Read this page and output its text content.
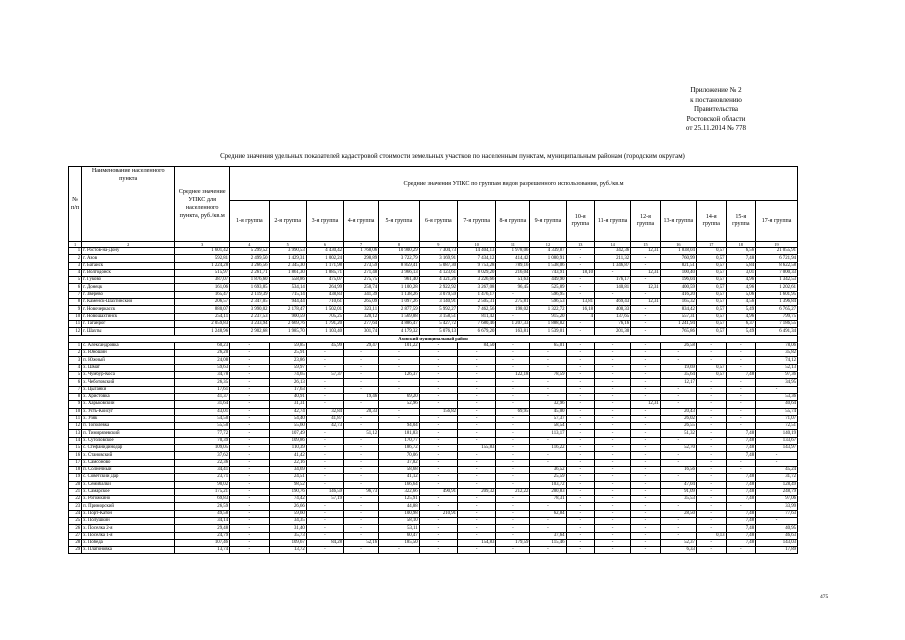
Приложение № 2
к постановлению
Правительства
Ростовской области
от 25.11.2014 № 778
Средние значения удельных показателей кадастровой стоимости земельных участков по населенным пунктам, муниципальным районам (городским округам)
№ п/п	Наименование населенного пункта	Среднее значение УПКС для населенного пункта, руб./кв.м	Средние значения УПКС по группам видов разрешенного использования, руб./кв.м															
			1-я группа	2-я группа	3-я группа	4-я группа	5-я группа	6-я группа	7-я группа	8-я группа	9-я группа	10-я группа	11-я группа	12-я группа	13-я группа	14-я группа	15-я группа	17-я группа
1	2	3	4	5	6	7	8	9	10	11	12	13	14	15	16	17	18	19
1	г. Ростов-на-Дону	1 601,42	5 299,52	3 990,53	4 430,42	1 768,06	10 900,29	7 304,73	14 404,13	1 978,06	4 339,87	-	342,36	12,31	1 838,04	0,57	6,56	21 055,91
2	г. Азов	592,81	2 499,50	1 429,31	1 002,24	298,89	3 722,79	3 169,91	7 434,12	414,42	1 080,91	-	211,32	-	760,99	0,57	7,48	6 721,94
3	г. Батайск	1 224,28	3 266,56	2 345,30	1 171,98	273,59	8 859,41	5 087,30	9 753,28	789,16	1 538,06	-	1 346,87	-	821,51	0,57	5,84	8 622,58
4	г. Волгодонск	515,97	2 261,71	1 861,30	1 885,71	271,48	3 966,13	4 123,61	8 029,20	216,04	743,91	18,10	-	12,31	100,40	0,57	3,01	7 000,33
5	г. Гуково	387,07	1 876,60	558,86	475,07	275,75	961,40	4 321,26	3 226,66	51,63	449,90	-	176,17	-	196,04	0,57	4,96	1 342,53
6	г. Донецк	161,06	1 693,85	534,14	264,99	250,74	1 100,28	2 922,92	3 267,08	96,45	525,89	-	140,81	12,31	400,59	0,57	4,96	1 202,61
7	г. Зверево	165,47	2 119,39	715,14	438,83	341,39	1 138,26	3 079,59	1 476,17	-	596,95	-	-	-	416,20	0,57	5,06	1 601,95
8	г. Каменск-Шахтинский	206,57	2 347,05	944,44	710,61	265,09	1 097,26	3 140,91	2 505,31	275,81	596,53	13,81	469,43	12,31	165,32	0,57	4,56	1 396,84
9	г. Новочеркасск	880,07	3 990,02	2 178,47	1 502,01	323,11	2 877,59	5 992,27	7 462,56	198,02	1 322,72	16,18	400,33	-	834,42	0,57	5,49	6 765,27
10	г. Новошахтинск	254,11	2 237,53	900,59	705,25	320,12	1 569,88	3 158,51	811,42	-	915,20	4	137,65	-	557,31	0,57	4,96	799,75
11	г. Таганрог	2 059,83	3 233,94	2 669,76	1 791,20	277,64	4 886,47	5 427,72	7 680,46	1 207,33	1 888,82	-	76,16	-	1 241,94	0,57	6,37	7 186,55
12	г. Шахты	1 248,96	2 902,68	1 985,70	1 103,40	301,74	4 179,32	5 076,13	6 679,20	163,81	1 539,01	-	201,30	-	765,86	0,57	5,49	6 491,34
Азовский муниципальный район																		
1	с. Александровка	60,23	-	59,85	45,99	29,47	101,22	-	84,50	-	65,01	-	-	-	26,58	-	-	78,06
2	х. Юношин	26,20	-	25,91	-	-	-	-	-	-	-	-	-	-	-	-	-	35,82
3	п. Южный	24,08	-	23,86	-	-	-	-	-	-	-	-	-	-	-	-	-	74,12
4	х. Шмат	59,63	-	59,97	-	-	-	-	-	-	-	-	-	-	19,69	0,57	-	52,13
5	х. Чумбур-Коса	34,78	-	74,65	57,37	-	126,37	-	-	122,18	78,59	-	-	-	35,64	0,57	7,48	97,36
6	х. Чеботовский	26,35	-	26,13	-	-	-	-	-	-	-	-	-	-	12,17	-	-	34,95
7	х. Цыганки	17,61	-	17,63	-	-	-	-	-	-	-	-	-	-	-	-	-	-
8	х. Христовка	41,37	-	40,91	-	19,46	69,20	-	-	-	-	-	-	-	-	-	-	53,36
9	х. Харьковский	31,64	-	31,31	-	-	52,96	-	-	-	32,96	-	-	12,31	-	-	-	40,64
10	х. Усть-Койсуг	43,01	-	42,74	32,84	20,33	-	156,82	-	69,95	45,00	-	-	-	20,43	-	-	55,74
11	х. Узяк	54,50	-	54,40	41,87	-	-	-	-	-	57,37	-	-	-	26,02	-	-	71,07
12	п. Тополевка	55,50	-	55,60	42,73	-	94,04	-	-	-	58,54	-	-	-	26,55	-	-	72,51
13	п. Тимирязевский	77,72	-	107,49	-	51,12	181,83	-	-	-	113,17	-	-	-	51,32	-	7,48	140,19
14	х. Сутоловское	70,39	-	109,86	-	-	170,77	-	-	-	-	-	-	-	-	-	7,48	133,67
15	с. Стефанидинодар	109,05	-	110,39	-	-	186,72	-	155,83	-	116,22	-	-	-	52,70	-	7,48	143,97
16	х. Становский	37,62	-	41,42	-	-	70,06	-	-	-	-	-	-	-	-	-	7,48	-
17	х. Самсоново	22,36	-	22,16	-	-	37,82	-	-	-	-	-	-	-	-	-	-	-
18	п. Солнечный	34,41	-	34,69	-	-	58,68	-	-	-	36,52	-	-	-	16,56	-	-	45,24
19	с. Советский Дар	23,71	-	24,51	-	-	41,12	-	-	-	25,59	-	-	-	-	-	7,48	31,72
20	х. Семибалки	90,02	-	98,52	-	-	166,64	-	-	-	103,72	-	-	-	47,04	-	7,48	128,49
21	х. Самарское	175,21	-	190,76	146,59	96,73	322,66	490,91	209,32	212,22	200,83	-	-	-	91,09	-	7,48	248,79
22	х. Рогожкино	69,83	-	74,42	57,19	-	125,91	-	-	-	78,31	-	-	-	35,53	-	7,48	97,06
23	п. Приморский	26,59	-	26,66	-	-	44,88	-	-	-	-	-	-	-	-	-	-	33,99
24	х. Порт-Катон	49,58	-	59,60	-	-	100,98	210,91	-	-	62,84	-	-	-	28,50	-	7,48	77,63
25	х. Полушкин	34,14	-	34,35	-	-	58,10	-	-	-	-	-	-	-	-	-	7,48	-
26	х. Поселка 2-я	29,48	-	31,40	-	-	53,11	-	-	-	-	-	-	-	-	-	7,48	40,95
27	х. Поселка 1-я	24,79	-	35,73	-	-	60,47	-	-	-	37,64	-	-	-	-	0,13	7,48	46,63
28	х. Победа	107,46	-	109,67	84,28	52,16	185,50	-	154,83	179,59	115,46	-	-	-	52,37	-	7,48	143,03
29	х. Платоновка	13,74	-	13,72	-	-	-	-	-	-	-	-	-	-	6,33	-	-	17,89
475
